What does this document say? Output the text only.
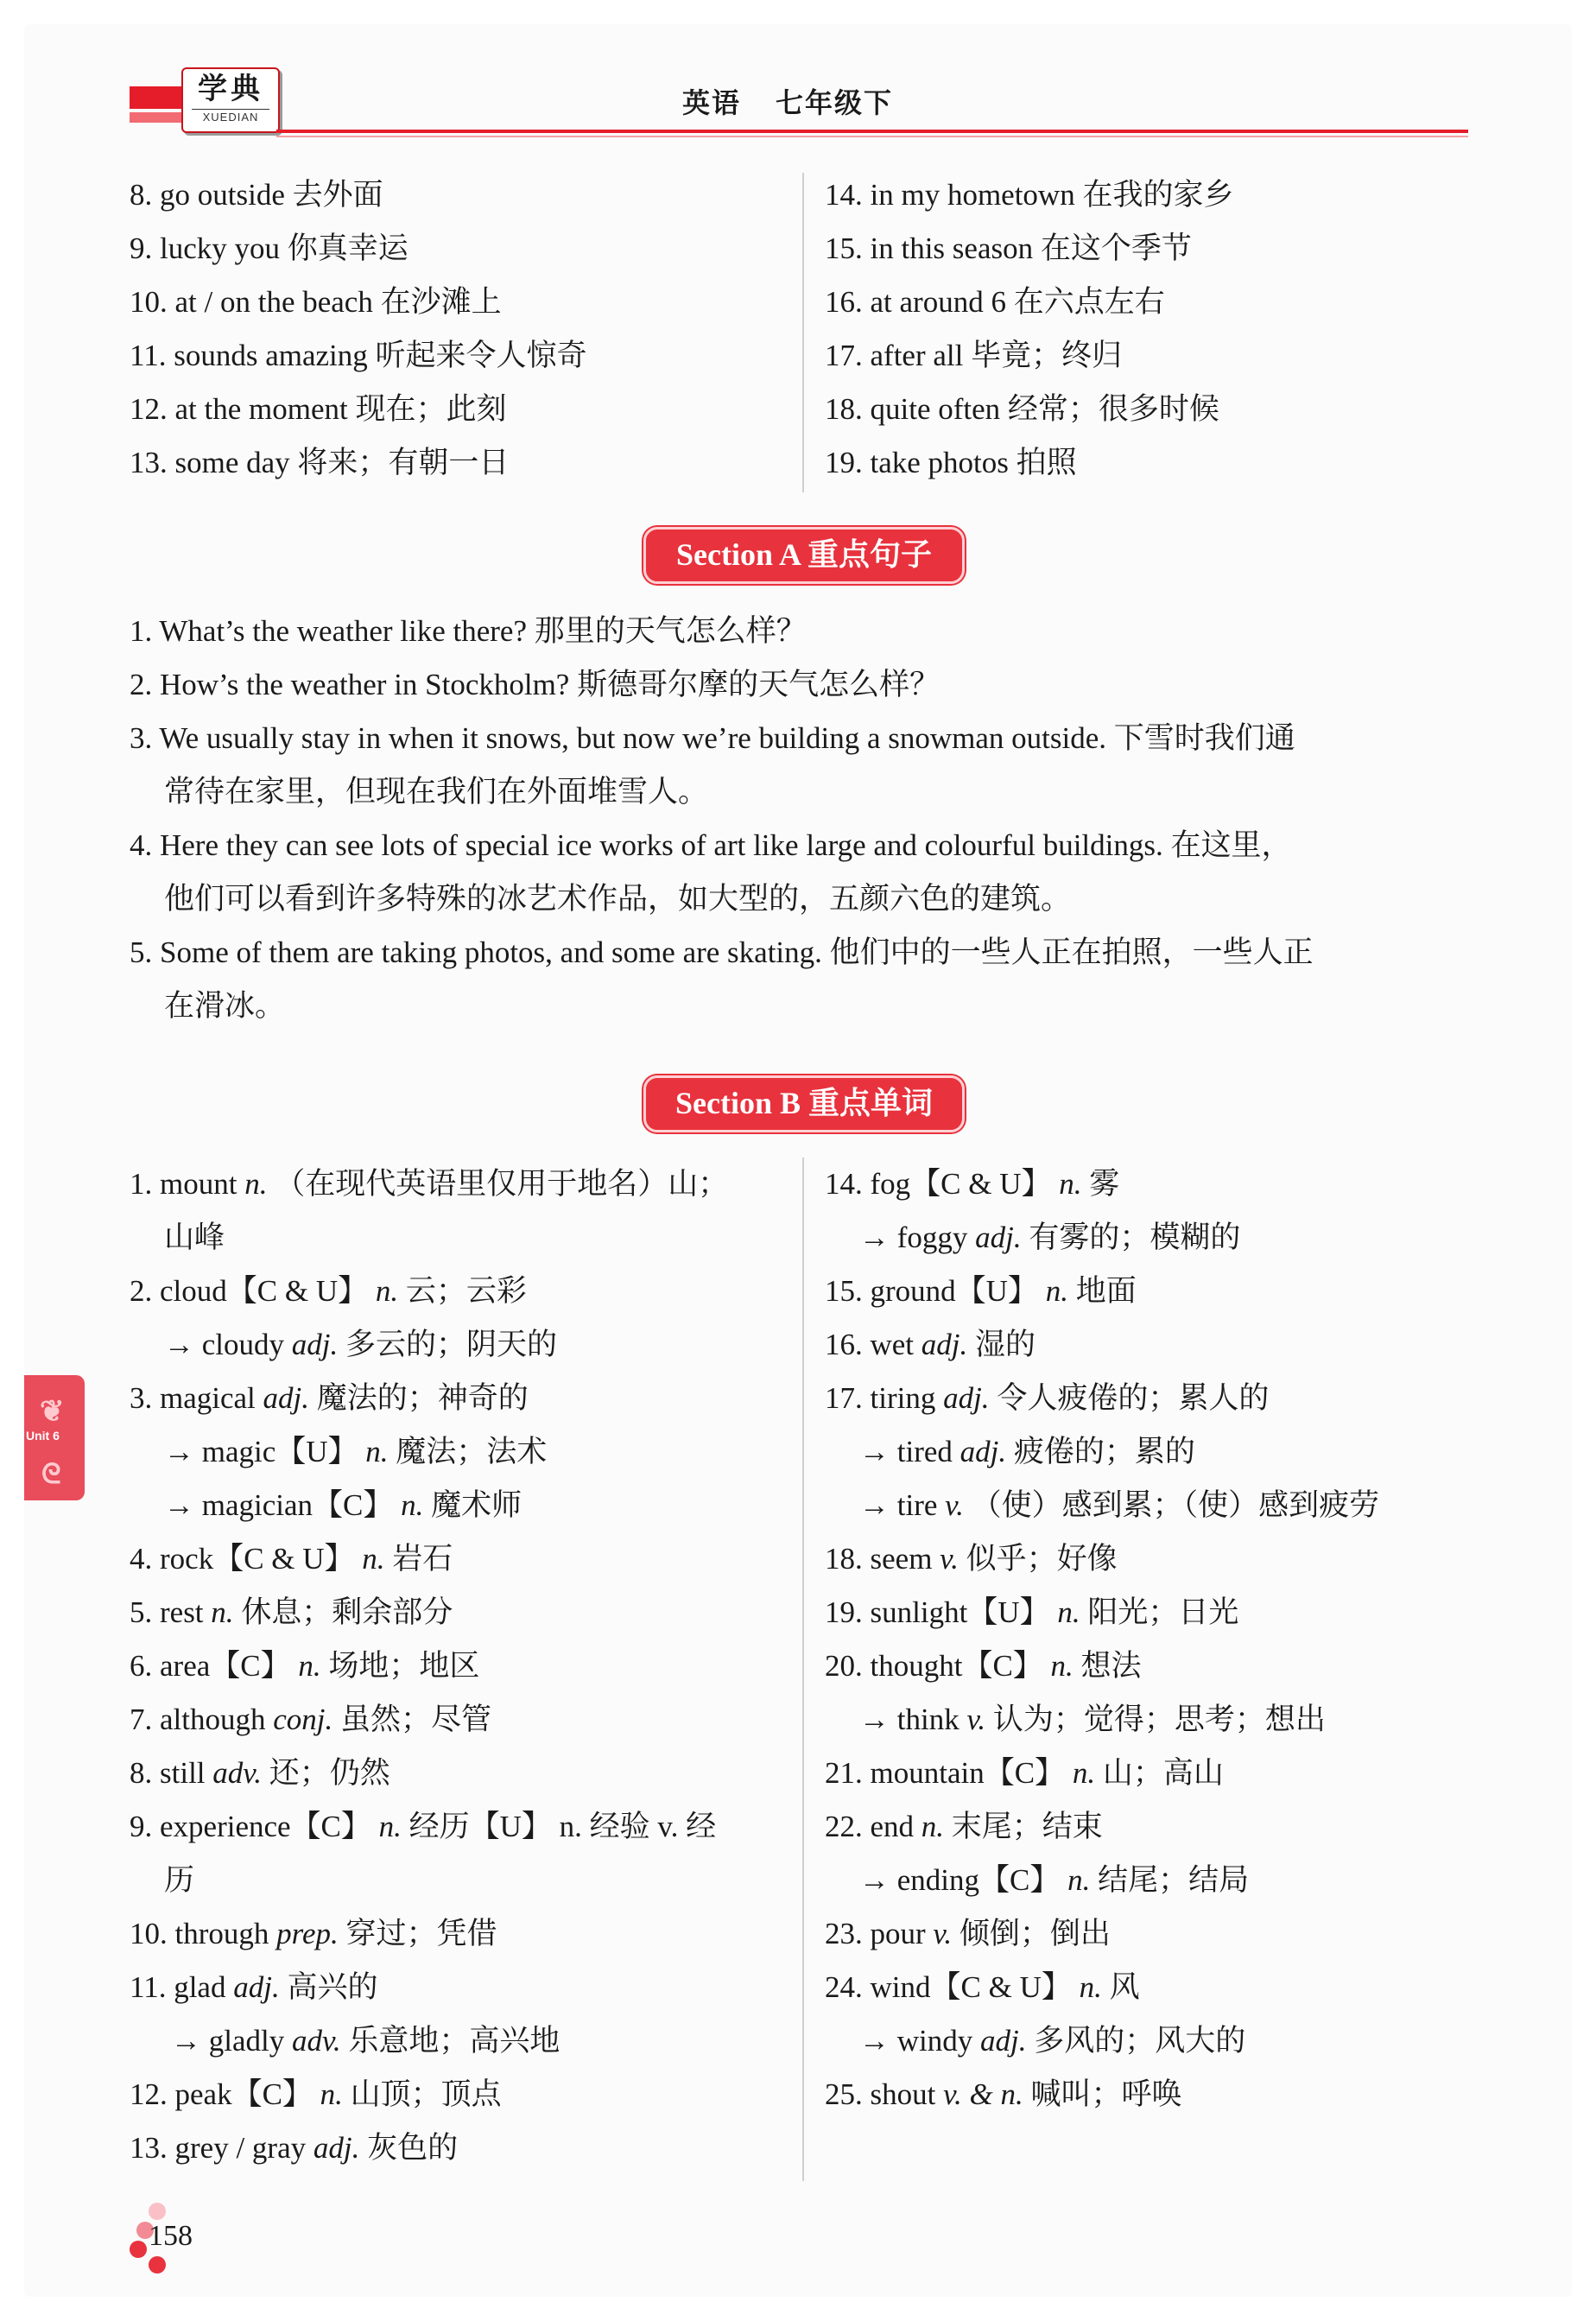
学典
XUEDIAN	英语 七年级下
8. go outside 去外面
9. lucky you 你真幸运
10. at / on the beach 在沙滩上
11. sounds amazing 听起来令人惊奇
12. at the moment 现在；此刻
13. some day 将来；有朝一日
14. in my hometown 在我的家乡
15. in this season 在这个季节
16. at around 6 在六点左右
17. after all 毕竟；终归
18. quite often 经常；很多时候
19. take photos 拍照
Section A 重点句子
1. What’s the weather like there? 那里的天气怎么样？
2. How’s the weather in Stockholm? 斯德哥尔摩的天气怎么样？
3. We usually stay in when it snows, but now we’re building a snowman outside. 下雪时我们通
常待在家里，但现在我们在外面堆雪人。
4. Here they can see lots of special ice works of art like large and colourful buildings. 在这里，
他们可以看到许多特殊的冰艺术作品，如大型的，五颜六色的建筑。
5. Some of them are taking photos, and some are skating. 他们中的一些人正在拍照，一些人正
在滑冰。
Section B 重点单词
1. mount n. （在现代英语里仅用于地名）山；
山峰
2. cloud【C & U】 n. 云；云彩
→ cloudy adj. 多云的；阴天的
3. magical adj. 魔法的；神奇的
→ magic【U】 n. 魔法；法术
→ magician【C】 n. 魔术师
4. rock【C & U】 n. 岩石
5. rest n. 休息；剩余部分
6. area【C】 n. 场地；地区
7. although conj. 虽然；尽管
8. still adv. 还；仍然
9. experience【C】 n. 经历【U】 n. 经验 v. 经
历
10. through prep. 穿过；凭借
11. glad adj. 高兴的
→ gladly adv. 乐意地；高兴地
12. peak【C】 n. 山顶；顶点
13. grey / gray adj. 灰色的
14. fog【C & U】 n. 雾
→ foggy adj. 有雾的；模糊的
15. ground【U】 n. 地面
16. wet adj. 湿的
17. tiring adj. 令人疲倦的；累人的
→ tired adj. 疲倦的；累的
→ tire v. （使）感到累；（使）感到疲劳
18. seem v. 似乎；好像
19. sunlight【U】 n. 阳光；日光
20. thought【C】 n. 想法
→ think v. 认为；觉得；思考；想出
21. mountain【C】 n. 山；高山
22. end n. 末尾；结束
→ ending【C】 n. 结尾；结局
23. pour v. 倾倒；倒出
24. wind【C & U】 n. 风
→ windy adj. 多风的；风大的
25. shout v. & n. 喊叫；呼唤
❦
Unit 6
ᘓ
158
